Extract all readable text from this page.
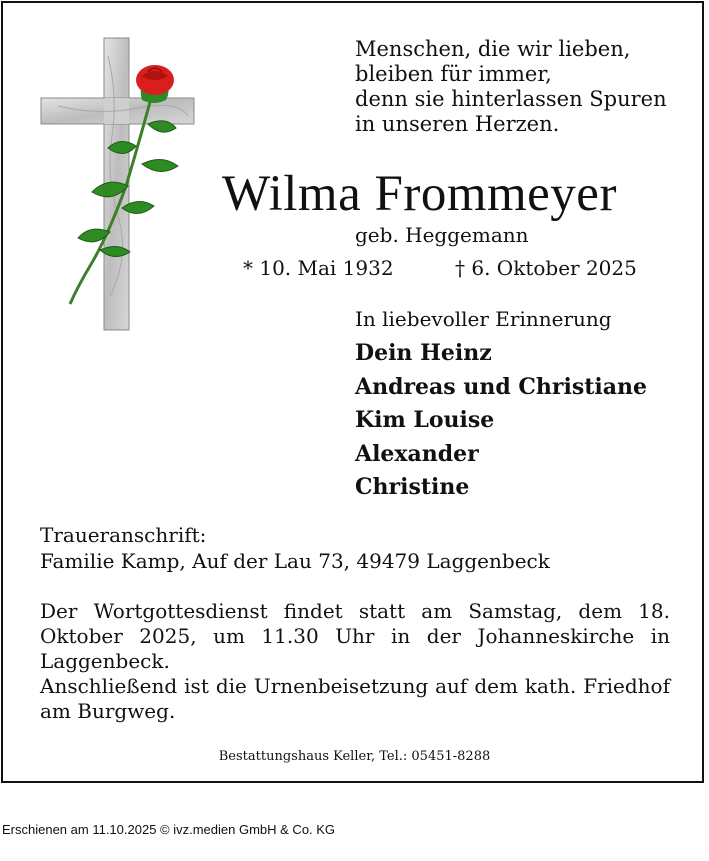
Menschen, die wir lieben,
bleiben für immer,
denn sie hinterlassen Spuren
in unseren Herzen.
Wilma Frommeyer
geb. Heggemann
* 10. Mai 1932	† 6. Oktober 2025
In liebevoller Erinnerung
Dein Heinz
Andreas und Christiane
Kim Louise
Alexander
Christine
Traueranschrift:
Familie Kamp, Auf der Lau 73, 49479 Laggenbeck

Der Wortgottesdienst findet statt am Samstag, dem 18. Oktober 2025, um 11.30 Uhr in der Johanneskirche in Laggenbeck.

Anschließend ist die Urnenbeisetzung auf dem kath. Friedhof am Burgweg.

Bestattungshaus Keller, Tel.: 05451-8288
Erschienen am 11.10.2025 © ivz.medien GmbH & Co. KG
